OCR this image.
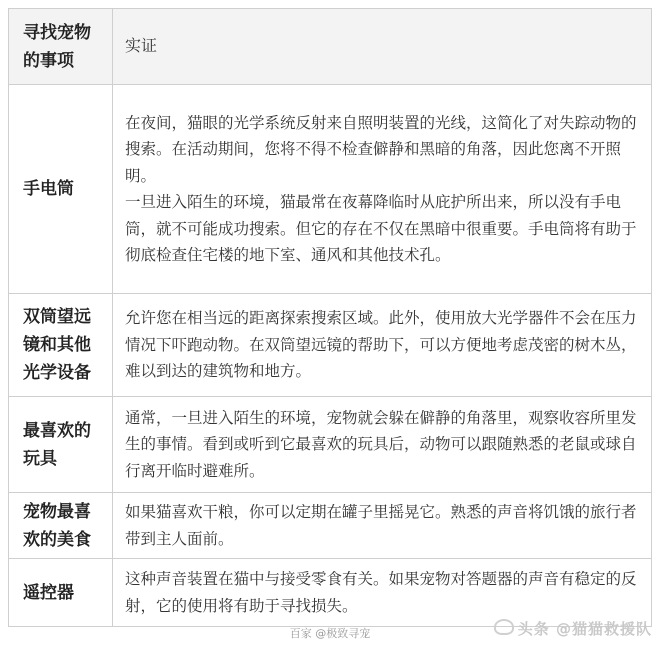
寻找宠物的事项	实证
手电筒	在夜间，猫眼的光学系统反射来自照明装置的光线，这简化了对失踪动物的搜索。在活动期间，您将不得不检查僻静和黑暗的角落，因此您离不开照明。
一旦进入陌生的环境，猫最常在夜幕降临时从庇护所出来，所以没有手电筒，就不可能成功搜索。但它的存在不仅在黑暗中很重要。手电筒将有助于彻底检查住宅楼的地下室、通风和其他技术孔。

双筒望远镜和其他光学设备	允许您在相当远的距离探索搜索区域。此外，使用放大光学器件不会在压力情况下吓跑动物。在双筒望远镜的帮助下，可以方便地考虑茂密的树木丛，难以到达的建筑物和地方。
最喜欢的玩具	通常，一旦进入陌生的环境，宠物就会躲在僻静的角落里，观察收容所里发生的事情。看到或听到它最喜欢的玩具后，动物可以跟随熟悉的老鼠或球自行离开临时避难所。
宠物最喜欢的美食	如果猫喜欢干粮，你可以定期在罐子里摇晃它。熟悉的声音将饥饿的旅行者带到主人面前。
遥控器	这种声音装置在猫中与接受零食有关。如果宠物对答题器的声音有稳定的反射，它的使用将有助于寻找损失。
百家 @极致寻宠	头条 @猫猫救援队
